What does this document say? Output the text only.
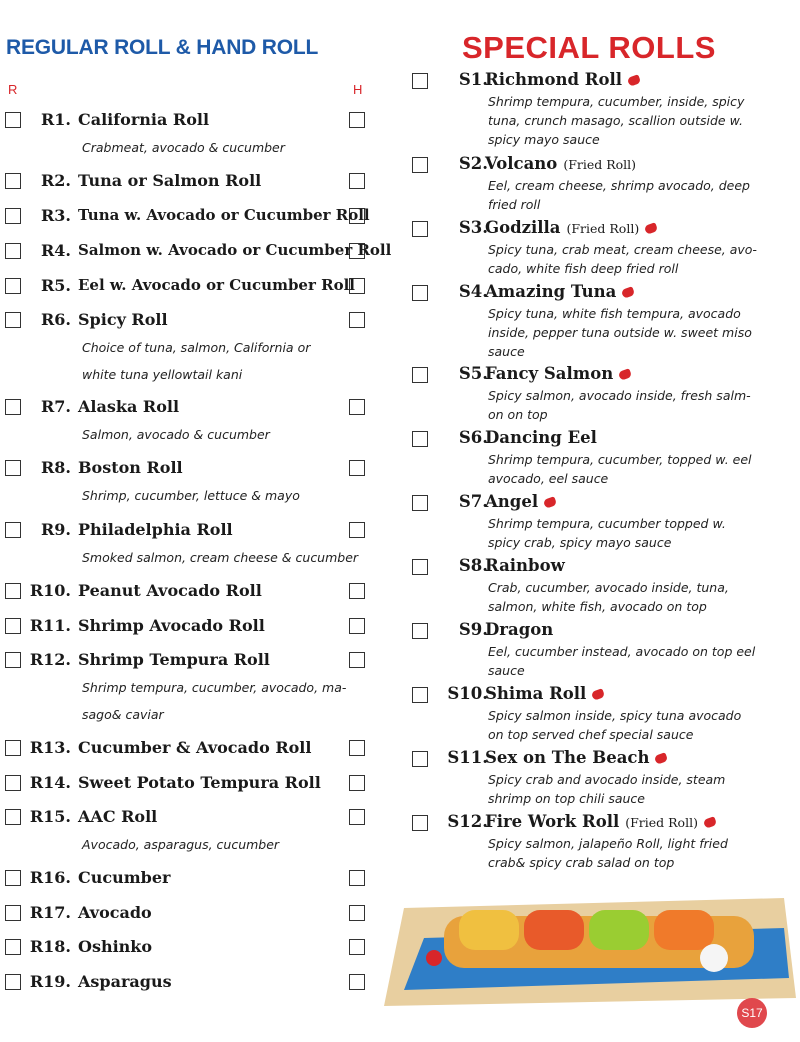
REGULAR ROLL & HAND ROLL	SPECIAL ROLLS
R	H
R1. California Roll
Crabmeat, avocado & cucumber
R2. Tuna or Salmon Roll
R3. Tuna w. Avocado or Cucumber Roll
R4. Salmon w. Avocado or Cucumber Roll
R5. Eel w. Avocado or Cucumber Roll
R6. Spicy Roll
Choice of tuna, salmon, California or
white tuna yellowtail kani
R7. Alaska Roll
Salmon, avocado & cucumber
R8. Boston Roll
Shrimp, cucumber, lettuce & mayo
R9. Philadelphia Roll
Smoked salmon, cream cheese & cucumber
R10. Peanut Avocado Roll
R11. Shrimp Avocado Roll
R12. Shrimp Tempura Roll
Shrimp tempura, cucumber, avocado, ma-
sago& caviar
R13. Cucumber & Avocado Roll
R14. Sweet Potato Tempura Roll
R15. AAC Roll
Avocado, asparagus, cucumber
R16. Cucumber
R17. Avocado
R18. Oshinko
R19. Asparagus
S1.
Richmond Roll
Shrimp tempura, cucumber, inside, spicy tuna, crunch masago, scallion outside w. spicy mayo sauce
S2.
Volcano (Fried Roll)
Eel, cream cheese, shrimp avocado, deep fried roll
S3.
Godzilla (Fried Roll)
Spicy tuna, crab meat, cream cheese, avo-cado, white fish deep fried roll
S4.
Amazing Tuna
Spicy tuna, white fish tempura, avocado inside, pepper tuna outside w. sweet miso sauce
S5.
Fancy Salmon
Spicy salmon, avocado inside, fresh salm-on on top
S6.
Dancing Eel
Shrimp tempura, cucumber, topped w. eel avocado, eel sauce
S7.
Angel
Shrimp tempura, cucumber topped w. spicy crab, spicy mayo sauce
S8.
Rainbow
Crab, cucumber, avocado inside, tuna, salmon, white fish, avocado on top
S9.
Dragon
Eel, cucumber instead, avocado on top eel sauce
S10.
Shima Roll
Spicy salmon inside, spicy tuna avocado on top served chef special sauce
S11.
Sex on The Beach
Spicy crab and avocado inside, steam shrimp on top chili sauce
S12.
Fire Work Roll (Fried Roll)
Spicy salmon, jalapeño Roll, light fried crab& spicy crab salad on top
S17
